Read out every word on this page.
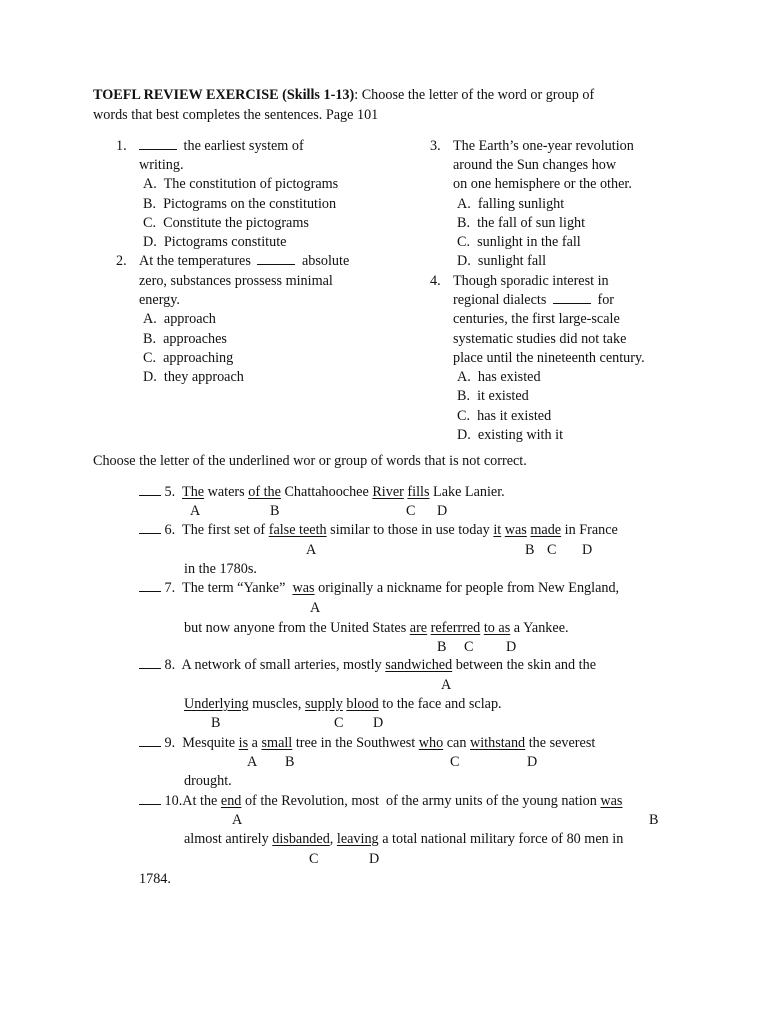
TOEFL REVIEW EXERCISE (Skills 1-13): Choose the letter of the word or group of
words that best completes the sentences. Page 101
1.	the earliest system of
writing.
A. The constitution of pictograms
B. Pictograms on the constitution
C. Constitute the pictograms
D. Pictograms constitute
2. At the temperatures	absolute
zero, substances prossess minimal
energy.
A. approach
B. approaches
C. approaching
D. they approach
3. The Earth’s one-year revolution
around the Sun changes how
on one hemisphere or the other.
A. falling sunlight
B. the fall of sun light
C. sunlight in the fall
D. sunlight fall
4. Though sporadic interest in
regional dialects	for
centuries, the first large-scale
systematic studies did not take
place until the nineteenth century.
A. has existed
B. it existed
C. has it existed
D. existing with it
Choose the letter of the underlined wor or group of words that is not correct.
5. The waters of the Chattahoochee River fills Lake Lanier.
A	B	C D
6. The first set of false teeth similar to those in use today it was made in France
A	B C D
in the 1780s.
7. The term “Yanke”  was originally a nickname for people from New England,
A
but now anyone from the United States are referrred to as a Yankee.
B C D
8. A network of small arteries, mostly sandwiched between the skin and the
A
Underlying muscles, supply blood to the face and sclap.
B	C D
9. Mesquite is a small tree in the Southwest who can withstand the severest
A B	C	D
drought.
10.At the end of the Revolution, most  of the army units of the young nation was
A	B
almost antirely disbanded, leaving a total national military force of 80 men in
C	D
1784.
